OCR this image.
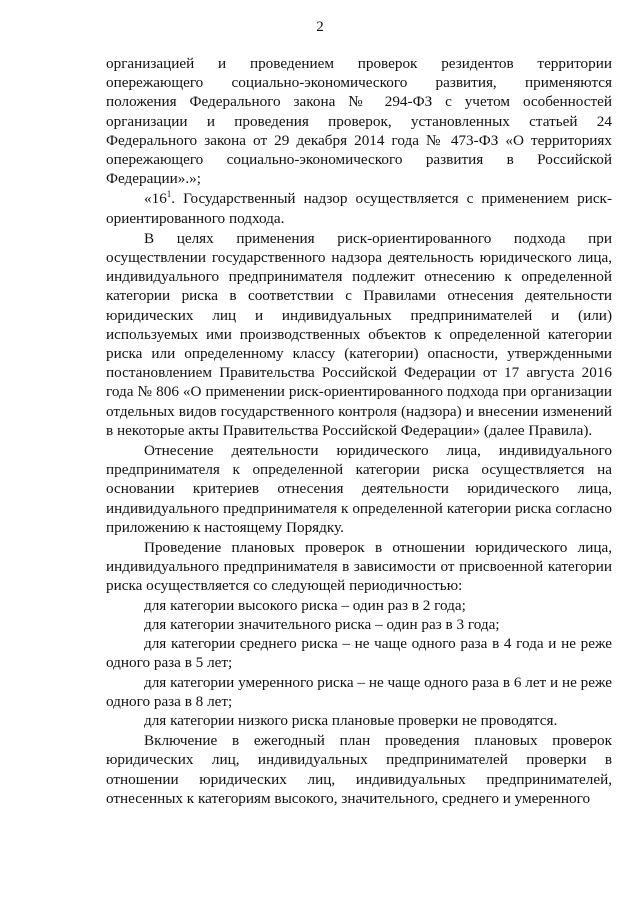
2

организацией и проведением проверок резидентов территории опережающего социально-экономического развития, применяются положения Федерального закона № 294-ФЗ с учетом особенностей организации и проведения проверок, установленных статьей 24 Федерального закона от 29 декабря 2014 года № 473-ФЗ «О территориях опережающего социально-экономического развития в Российской Федерации».»;

«$16^1$. Государственный надзор осуществляется с применением риск-ориентированного подхода.

В целях применения риск-ориентированного подхода при осуществлении государственного надзора деятельность юридического лица, индивидуального предпринимателя подлежит отнесению к определенной категории риска в соответствии с Правилами отнесения деятельности юридических лиц и индивидуальных предпринимателей и (или) используемых ими производственных объектов к определенной категории риска или определенному классу (категории) опасности, утвержденными постановлением Правительства Российской Федерации от 17 августа 2016 года № 806 «О применении риск-ориентированного подхода при организации отдельных видов государственного контроля (надзора) и внесении изменений в некоторые акты Правительства Российской Федерации» (далее Правила).

Отнесение деятельности юридического лица, индивидуального предпринимателя к определенной категории риска осуществляется на основании критериев отнесения деятельности юридического лица, индивидуального предпринимателя к определенной категории риска согласно приложению к настоящему Порядку.

Проведение плановых проверок в отношении юридического лица, индивидуального предпринимателя в зависимости от присвоенной категории риска осуществляется со следующей периодичностью:

для категории высокого риска – один раз в 2 года;

для категории значительного риска – один раз в 3 года;

для категории среднего риска – не чаще одного раза в 4 года и не реже одного раза в 5 лет;

для категории умеренного риска – не чаще одного раза в 6 лет и не реже одного раза в 8 лет;

для категории низкого риска плановые проверки не проводятся.

Включение в ежегодный план проведения плановых проверок юридических лиц, индивидуальных предпринимателей проверки в отношении юридических лиц, индивидуальных предпринимателей, отнесенных к категориям высокого, значительного, среднего и умеренного
